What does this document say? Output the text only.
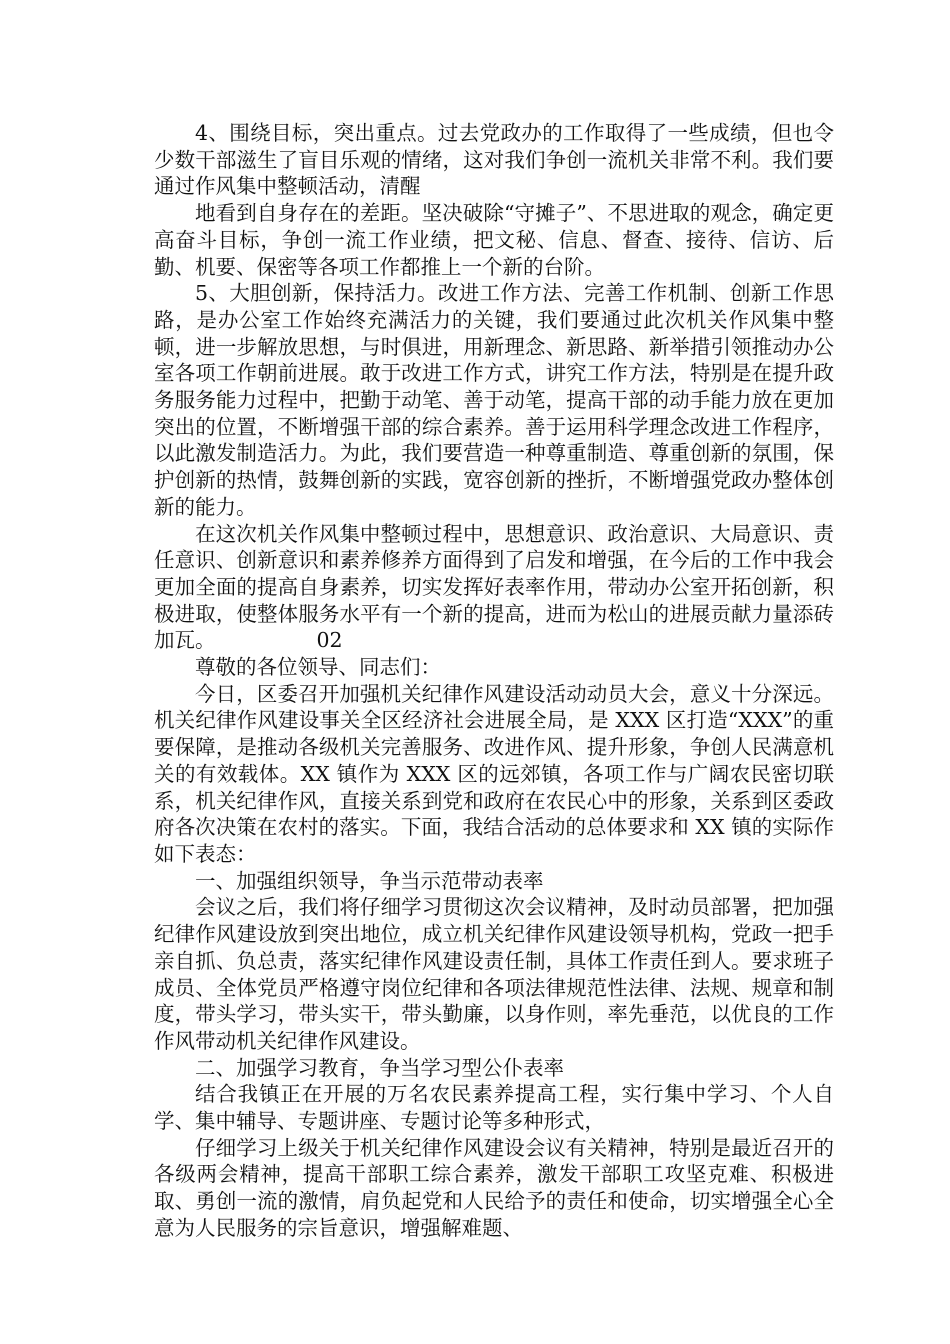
4、围绕目标，突出重点。过去党政办的工作取得了一些成绩，但也令少数干部滋生了盲目乐观的情绪，这对我们争创一流机关非常不利。我们要通过作风集中整顿活动，清醒

地看到自身存在的差距。坚决破除“守摊子”、不思进取的观念，确定更高奋斗目标，争创一流工作业绩，把文秘、信息、督查、接待、信访、后勤、机要、保密等各项工作都推上一个新的台阶。

5、大胆创新，保持活力。改进工作方法、完善工作机制、创新工作思路，是办公室工作始终充满活力的关键，我们要通过此次机关作风集中整顿，进一步解放思想，与时俱进，用新理念、新思路、新举措引领推动办公室各项工作朝前进展。敢于改进工作方式，讲究工作方法，特别是在提升政务服务能力过程中，把勤于动笔、善于动笔，提高干部的动手能力放在更加突出的位置，不断增强干部的综合素养。善于运用科学理念改进工作程序，以此激发制造活力。为此，我们要营造一种尊重制造、尊重创新的氛围，保护创新的热情，鼓舞创新的实践，宽容创新的挫折，不断增强党政办整体创新的能力。

在这次机关作风集中整顿过程中，思想意识、政治意识、大局意识、责任意识、创新意识和素养修养方面得到了启发和增强，在今后的工作中我会更加全面的提高自身素养，切实发挥好表率作用，带动办公室开拓创新，积极进取，使整体服务水平有一个新的提高，进而为松山的进展贡献力量添砖加瓦。	02

尊敬的各位领导、同志们：

今日，区委召开加强机关纪律作风建设活动动员大会，意义十分深远。机关纪律作风建设事关全区经济社会进展全局，是 XXX 区打造“XXX”的重要保障，是推动各级机关完善服务、改进作风、提升形象，争创人民满意机关的有效载体。XX 镇作为 XXX 区的远郊镇，各项工作与广阔农民密切联系，机关纪律作风，直接关系到党和政府在农民心中的形象，关系到区委政府各次决策在农村的落实。下面，我结合活动的总体要求和 XX 镇的实际作如下表态：

一、加强组织领导，争当示范带动表率

会议之后，我们将仔细学习贯彻这次会议精神，及时动员部署，把加强纪律作风建设放到突出地位，成立机关纪律作风建设领导机构，党政一把手亲自抓、负总责，落实纪律作风建设责任制，具体工作责任到人。要求班子成员、全体党员严格遵守岗位纪律和各项法律规范性法律、法规、规章和制度，带头学习，带头实干，带头勤廉，以身作则，率先垂范，以优良的工作作风带动机关纪律作风建设。

二、加强学习教育，争当学习型公仆表率

结合我镇正在开展的万名农民素养提高工程，实行集中学习、个人自学、集中辅导、专题讲座、专题讨论等多种形式，

仔细学习上级关于机关纪律作风建设会议有关精神，特别是最近召开的各级两会精神，提高干部职工综合素养，激发干部职工攻坚克难、积极进取、勇创一流的激情，肩负起党和人民给予的责任和使命，切实增强全心全意为人民服务的宗旨意识，增强解难题、
